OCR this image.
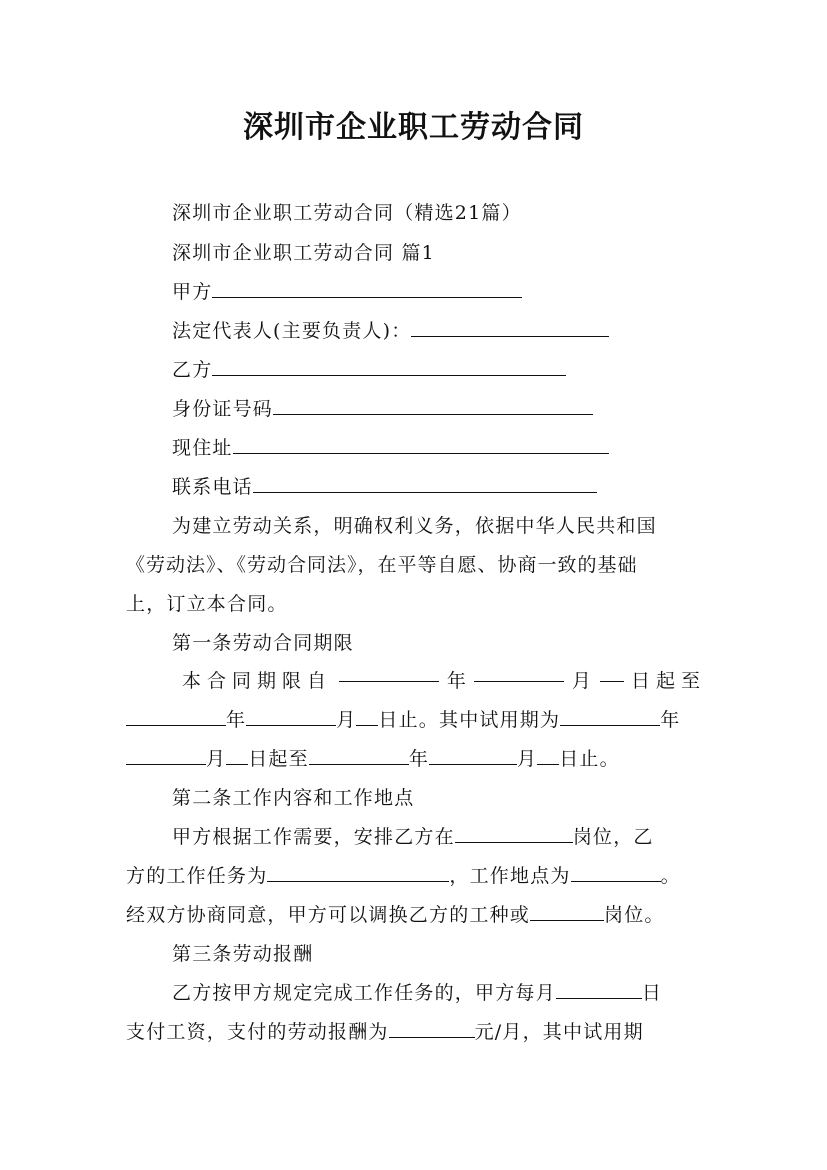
深圳市企业职工劳动合同
深圳市企业职工劳动合同（精选21篇）
深圳市企业职工劳动合同 篇1
甲方
法定代表人(主要负责人)：
乙方
身份证号码
现住址
联系电话
为建立劳动关系，明确权利义务，依据中华人民共和国
《劳动法》、《劳动合同法》，在平等自愿、协商一致的基础
上，订立本合同。
第一条劳动合同期限
本合同期限自	年	月 日起至
年	月 日止。其中试用期为	年
月 日起至	年	月 日止。
第二条工作内容和工作地点
甲方根据工作需要，安排乙方在	岗位，乙
方的工作任务为	，工作地点为	。
经双方协商同意，甲方可以调换乙方的工种或	岗位。
第三条劳动报酬
乙方按甲方规定完成工作任务的，甲方每月	日
支付工资，支付的劳动报酬为	元/月，其中试用期
